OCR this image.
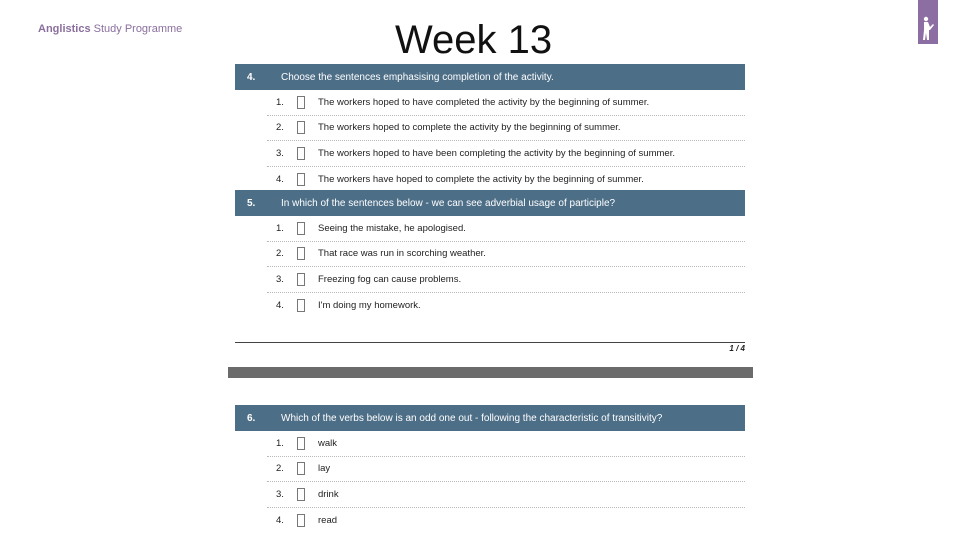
Anglistics Study Programme	Week 13
4.	Choose the sentences emphasising completion of the activity.
1.	The workers hoped to have completed the activity by the beginning of summer.
2.	The workers hoped to complete the activity by the beginning of summer.
3.	The workers hoped to have been completing the activity by the beginning of summer.
4.	The workers have hoped to complete the activity by the beginning of summer.
5.	In which of the sentences below - we can see adverbial usage of participle?
1.	Seeing the mistake, he apologised.
2.	That race was run in scorching weather.
3.	Freezing fog can cause problems.
4.	I'm doing my homework.
1 / 4
6.	Which of the verbs below is an odd one out - following the characteristic of transitivity?
1.	walk
2.	lay
3.	drink
4.	read
